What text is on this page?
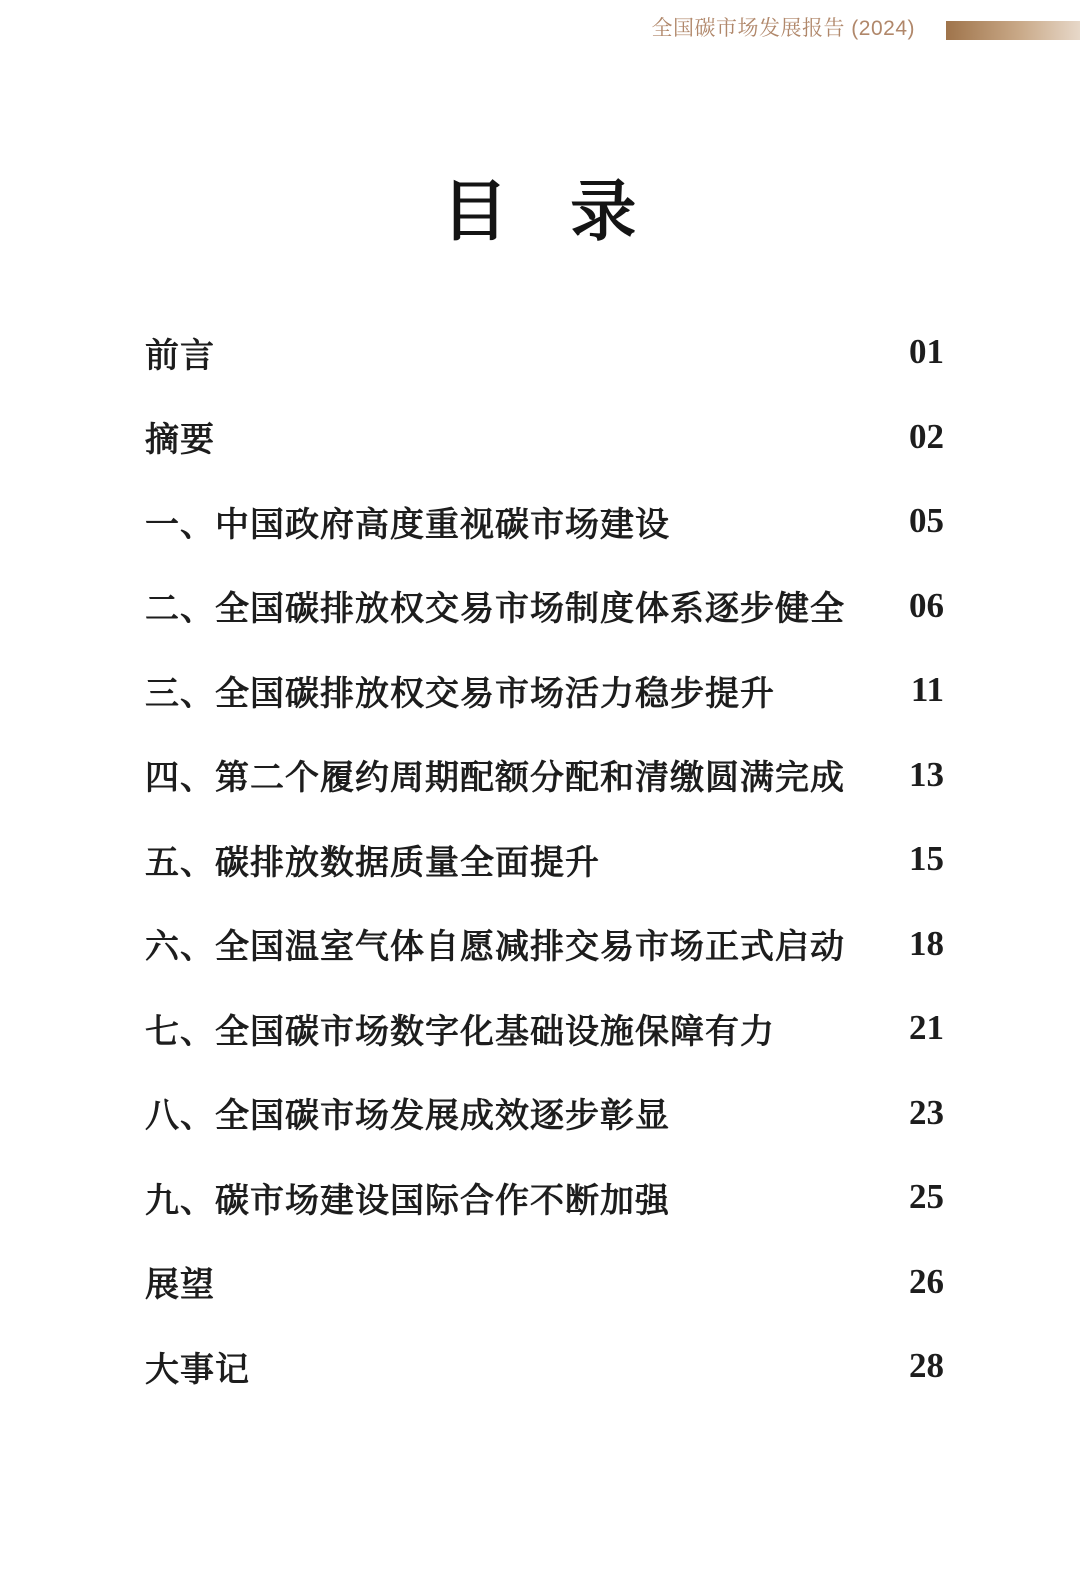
全国碳市场发展报告 (2024)
目 录
前言	01
摘要	02
一、中国政府高度重视碳市场建设	05
二、全国碳排放权交易市场制度体系逐步健全 06
三、全国碳排放权交易市场活力稳步提升	11
四、第二个履约周期配额分配和清缴圆满完成 13
五、碳排放数据质量全面提升	15
六、全国温室气体自愿减排交易市场正式启动 18
七、全国碳市场数字化基础设施保障有力	21
八、全国碳市场发展成效逐步彰显	23
九、碳市场建设国际合作不断加强	25
展望	26
大事记	28
